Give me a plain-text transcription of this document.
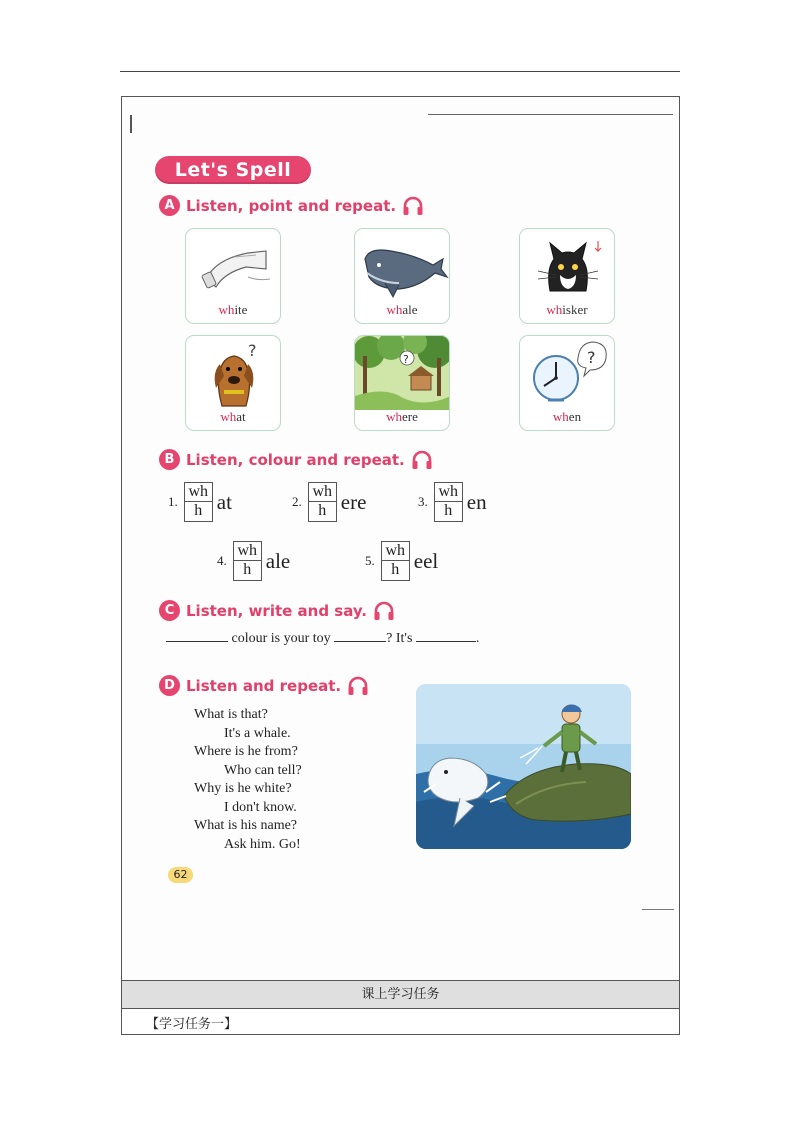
Let's Spell
A Listen, point and repeat.
white	whale	whisker
?
what
?
where
?
when
B Listen, colour and repeat.
1.
wh
h at	2.
wh
h ere	3.
wh
h en
4.
wh
h ale	5.
wh
h eel
C Listen, write and say.
colour is your toy	? It's	.
D Listen and repeat.
What is that?
It's a whale.
Where is he from?
Who can tell?
Why is he white?
I don't know.
What is his name?
Ask him. Go!
62
课上学习任务
【学习任务一】
